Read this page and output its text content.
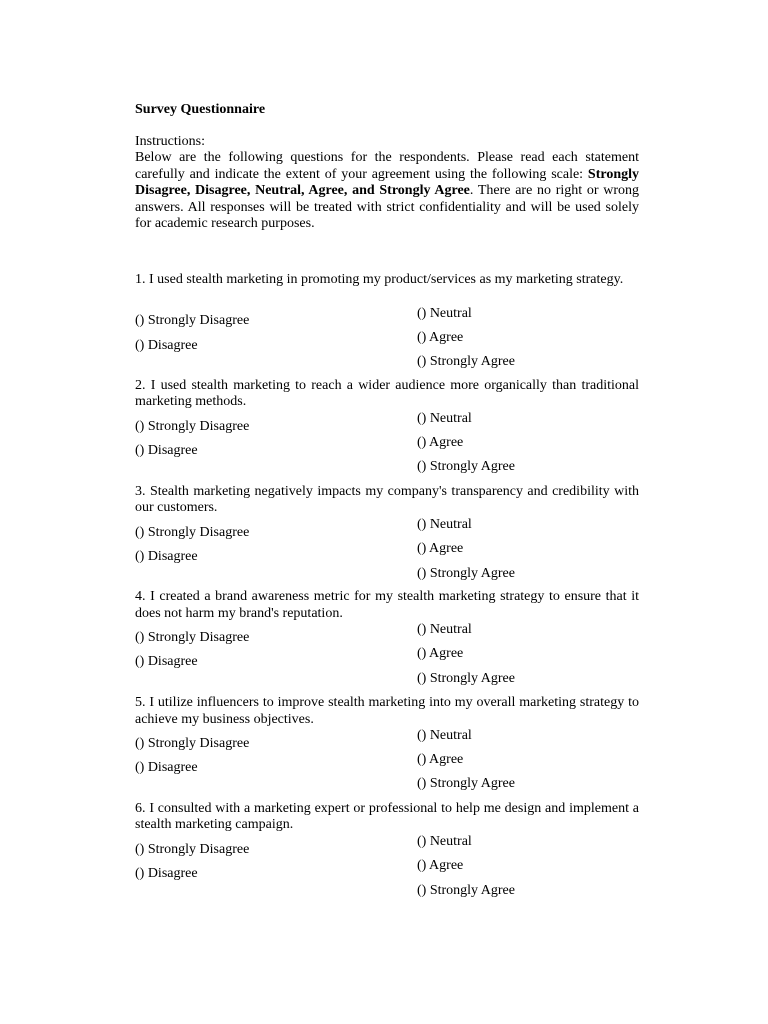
Survey Questionnaire
Instructions:
Below are the following questions for the respondents. Please read each statement carefully and indicate the extent of your agreement using the following scale: Strongly Disagree, Disagree, Neutral, Agree, and Strongly Agree. There are no right or wrong answers. All responses will be treated with strict confidentiality and will be used solely for academic research purposes.

1. I used stealth marketing in promoting my product/services as my marketing strategy.

() Strongly Disagree
() Disagree
() Neutral
() Agree
() Strongly Agree

2. I used stealth marketing to reach a wider audience more organically than traditional marketing methods.

() Strongly Disagree
() Disagree
() Neutral
() Agree
() Strongly Agree

3. Stealth marketing negatively impacts my company's transparency and credibility with our customers.

() Strongly Disagree
() Disagree
() Neutral
() Agree
() Strongly Agree

4. I created a brand awareness metric for my stealth marketing strategy to ensure that it does not harm my brand's reputation.

() Strongly Disagree
() Disagree
() Neutral
() Agree
() Strongly Agree

5. I utilize influencers to improve stealth marketing into my overall marketing strategy to achieve my business objectives.

() Strongly Disagree
() Disagree
() Neutral
() Agree
() Strongly Agree

6. I consulted with a marketing expert or professional to help me design and implement a stealth marketing campaign.

() Strongly Disagree
() Disagree
() Neutral
() Agree
() Strongly Agree
